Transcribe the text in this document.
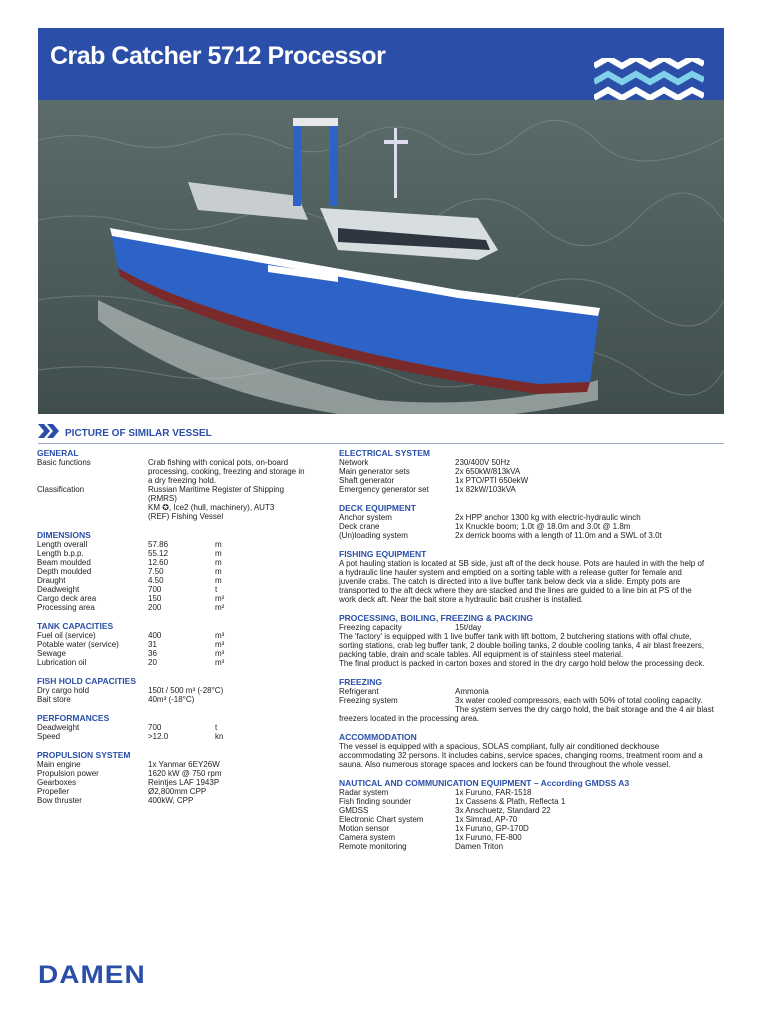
Crab Catcher 5712 Processor
PICTURE OF SIMILAR VESSEL
GENERAL
Basic functions	Crab fishing with conical pots, on-board
processing, cooking, freezing and storage in
a dry freezing hold.
Classification	Russian Maritime Register of Shipping
(RMRS)
KM ✪, Ice2 (hull, machinery), AUT3
(REF) Fishing Vessel
DIMENSIONS
Length overall	57.86	m
Length b.p.p.	55.12	m
Beam moulded	12.60	m
Depth moulded	7.50	m
Draught	4.50	m
Deadweight	700	t
Cargo deck area	150	m²
Processing area	200	m²
TANK CAPACITIES
Fuel oil (service)	400	m³
Potable water (service)	31	m³
Sewage	36	m³
Lubrication oil	20	m³
FISH HOLD CAPACITIES
Dry cargo hold	150t / 500 m³ (-28°C)
Bait store	40m³ (-18°C)
PERFORMANCES
Deadweight	700	t
Speed	>12.0	kn
PROPULSION SYSTEM
Main engine	1x Yanmar 6EY26W
Propulsion power	1620 kW @ 750 rpm
Gearboxes	Reintjes LAF 1943P
Propeller	Ø2,800mm CPP
Bow thruster	400kW, CPP
ELECTRICAL SYSTEM
Network	230/400V 50Hz
Main generator sets	2x 650kW/813kVA
Shaft generator	1x PTO/PTI 650ekW
Emergency generator set	1x 82kW/103kVA
DECK EQUIPMENT
Anchor system	2x HPP anchor 1300 kg with electric-hydraulic winch
Deck crane	1x Knuckle boom; 1.0t @ 18.0m and 3.0t @ 1.8m
(Un)loading system	2x derrick booms with a length of 11.0m and a SWL of 3.0t
FISHING EQUIPMENT
A pot hauling station is located at SB side, just aft of the deck house. Pots are hauled in with the help of
a hydraulic line hauler system and emptied on a sorting table with a release gutter for female and
juvenile crabs. The catch is directed into a live buffer tank below deck via a slide. Empty pots are
transported to the aft deck where they are stacked and the lines are guided to a line bin at PS of the
work deck aft. Near the bait store a hydraulic bait crusher is installed.
PROCESSING, BOILING, FREEZING & PACKING
Freezing capacity	15t/day
The 'factory' is equipped with 1 live buffer tank with lift bottom, 2 butchering stations with offal chute,
sorting stations, crab leg buffer tank, 2 double boiling tanks, 2 double cooling tanks, 4 air blast freezers,
packing table, drain and scale tables. All equipment is of stainless steel material.
The final product is packed in carton boxes and stored in the dry cargo hold below the processing deck.
FREEZING
Refrigerant	Ammonia
Freezing system	3x water cooled compressors, each with 50% of total cooling capacity.
The system serves the dry cargo hold, the bait storage and the 4 air blast
freezers located in the processing area.
ACCOMMODATION
The vessel is equipped with a spacious, SOLAS compliant, fully air conditioned deckhouse
accommodating 32 persons. It includes cabins, service spaces, changing rooms, treatment room and a
sauna. Also numerous storage spaces and lockers can be found throughout the whole vessel.
NAUTICAL AND COMMUNICATION EQUIPMENT – According GMDSS A3
Radar system	1x Furuno, FAR-1518
Fish finding sounder	1x Cassens & Plath, Reflecta 1
GMDSS	3x Anschuetz, Standard 22
Electronic Chart system	1x Simrad, AP-70
Motion sensor	1x Furuno, GP-170D
Camera system	1x Furuno, FE-800
Remote monitoring	Damen Triton
DAMEN
